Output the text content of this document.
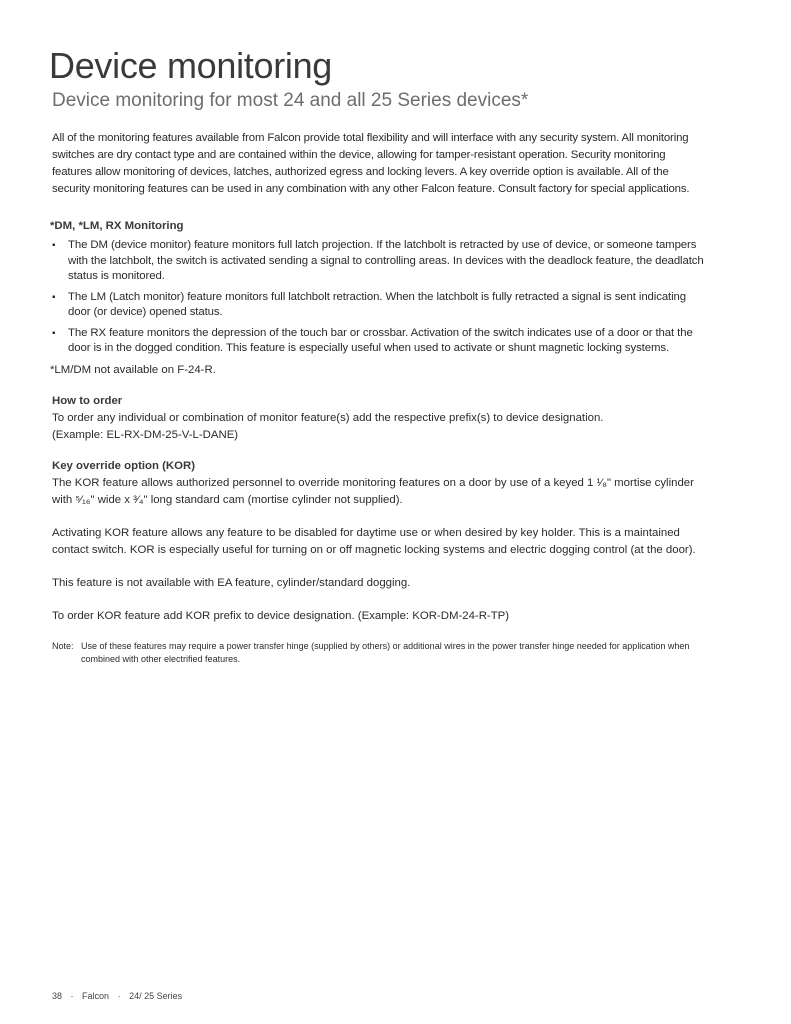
Device monitoring
Device monitoring for most 24 and all 25 Series devices*

All of the monitoring features available from Falcon provide total flexibility and will interface with any security system. All monitoring switches are dry contact type and are contained within the device, allowing for tamper-resistant operation. Security monitoring features allow monitoring of devices, latches, authorized egress and locking levers. A key override option is available. All of the security monitoring features can be used in any combination with any other Falcon feature. Consult factory for special applications.

*DM, *LM, RX Monitoring

▪ The DM (device monitor) feature monitors full latch projection. If the latchbolt is retracted by use of device, or someone tampers with the latchbolt, the switch is activated sending a signal to controlling areas. In devices with the deadlock feature, the deadlatch status is monitored.
▪ The LM (Latch monitor) feature monitors full latchbolt retraction. When the latchbolt is fully retracted a signal is sent indicating door (or device) opened status.
▪ The RX feature monitors the depression of the touch bar or crossbar. Activation of the switch indicates use of a door or that the door is in the dogged condition. This feature is especially useful when used to activate or shunt magnetic locking systems.

*LM/DM not available on F-24-R.

How to order

To order any individual or combination of monitor feature(s) add the respective prefix(s) to device designation.

(Example: EL-RX-DM-25-V-L-DANE)

Key override option (KOR)

The KOR feature allows authorized personnel to override monitoring features on a door by use of a keyed 1 ¹⁄₈" mortise cylinder with ⁵⁄₁₆" wide x ³⁄₄" long standard cam (mortise cylinder not supplied).

Activating KOR feature allows any feature to be disabled for daytime use or when desired by key holder. This is a maintained contact switch. KOR is especially useful for turning on or off magnetic locking systems and electric dogging control (at the door).

This feature is not available with EA feature, cylinder/standard dogging.

To order KOR feature add KOR prefix to device designation. (Example: KOR-DM-24-R-TP)

Note: Use of these features may require a power transfer hinge (supplied by others) or additional wires in the power transfer hinge needed for application when combined with other electrified features.

38 · Falcon · 24/ 25 Series
